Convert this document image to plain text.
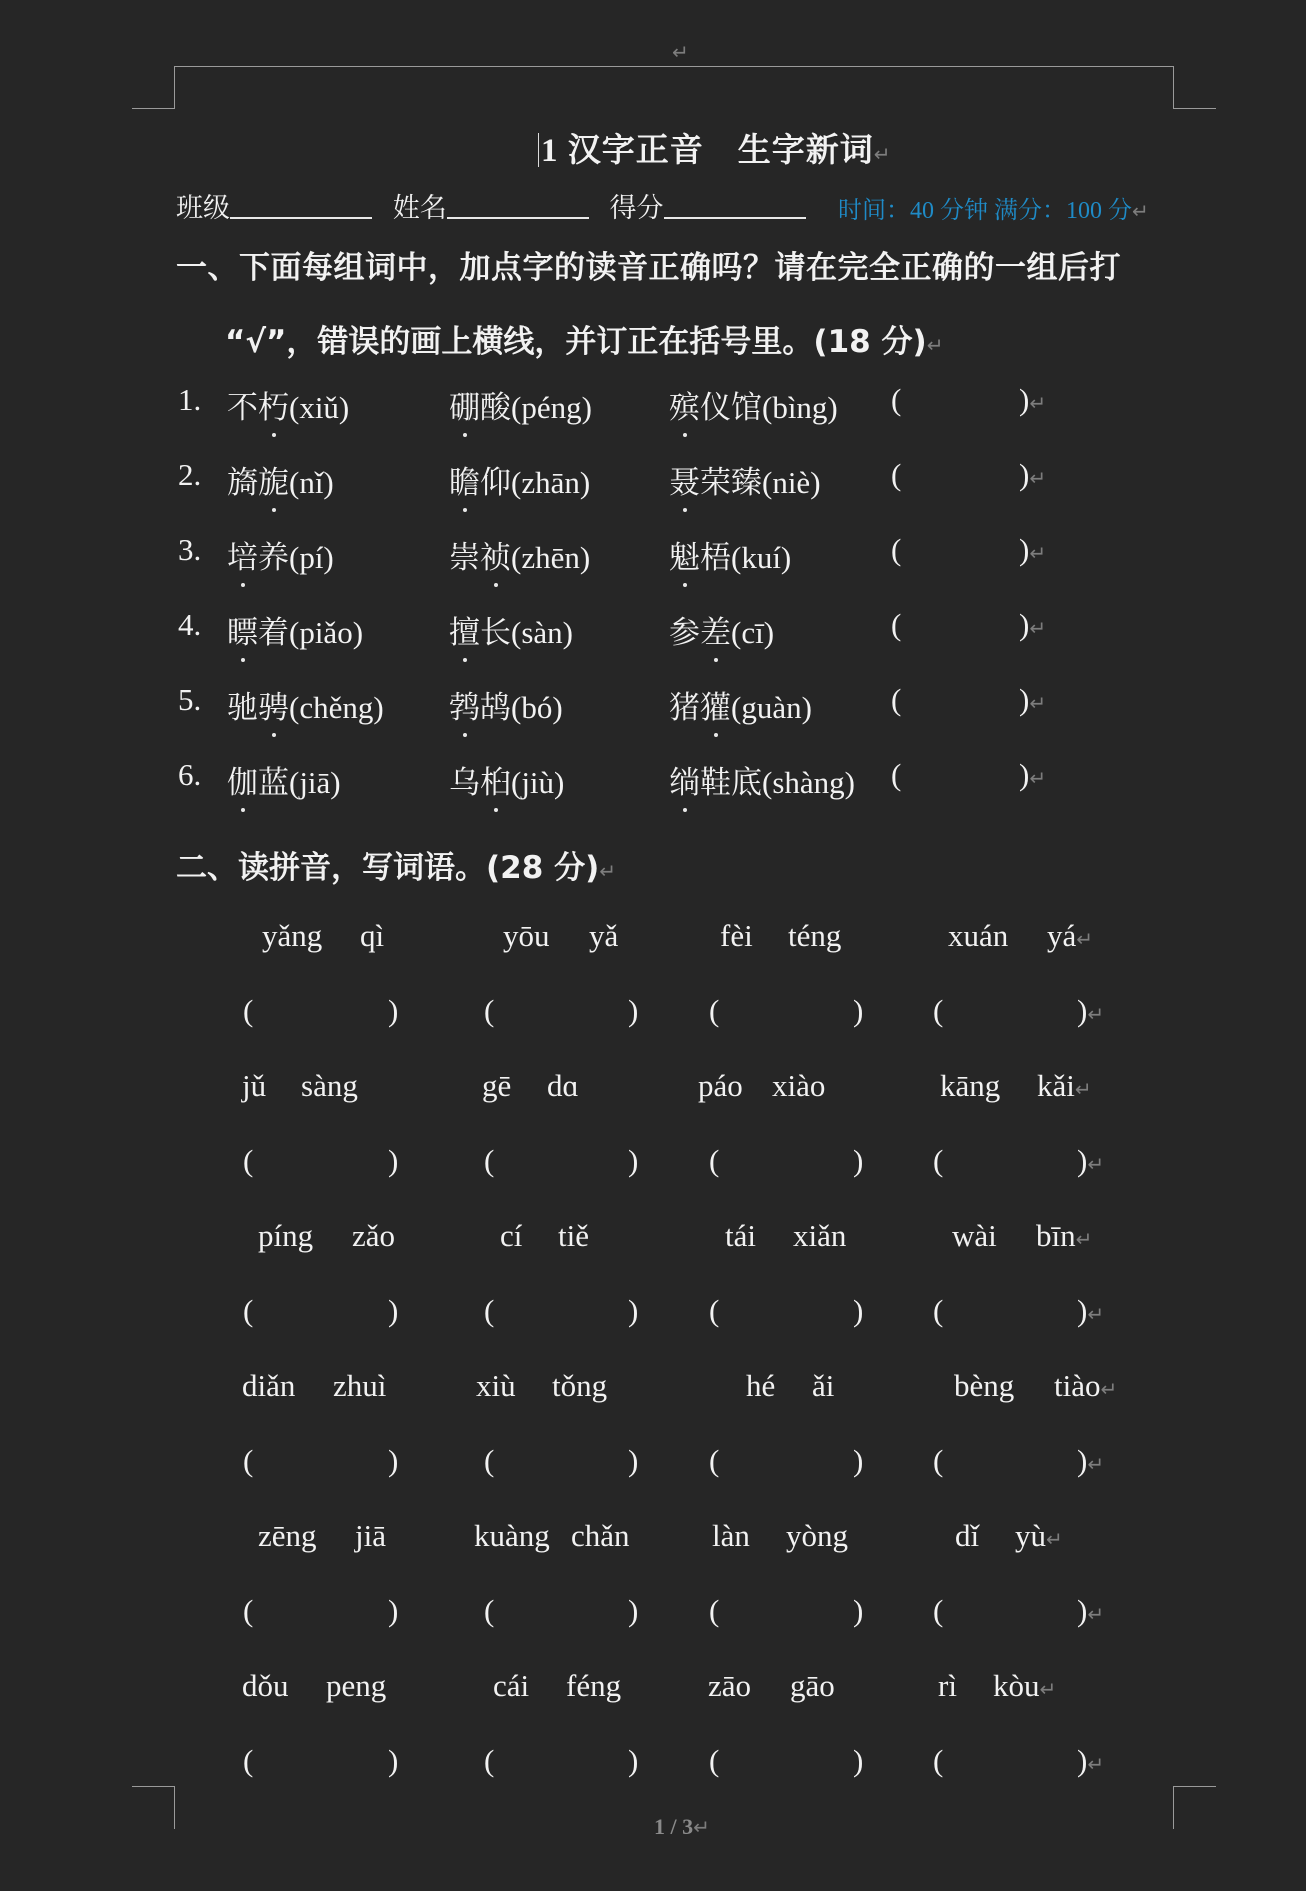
↵
1 汉字正音　生字新词↵
班级	姓名	得分	时间：40 分钟 满分：100 分↵
一、下面每组词中，加点字的读音正确吗？请在完全正确的一组后打
“√”，错误的画上横线，并订正在括号里。(18 分)↵
1. 不朽(xiǔ)	硼酸(péng) 殡仪馆(bìng) (	)↵
2. 旖旎(nǐ)	瞻仰(zhān)	聂荣臻(niè) (	)↵
3. 培养(pí)	崇祯(zhēn)	魁梧(kuí)	(	)↵
4. 瞟着(piǎo)	擅长(sàn)	参差(cī)	(	)↵
5. 驰骋(chěng) 鹁鸪(bó)	猪獾(guàn)	(	)↵
6. 伽蓝(jiā)	乌桕(jiù)	绱鞋底(shàng) (	)↵
二、读拼音，写词语。(28 分)↵
yǎng qì
(	)
yōu yǎ
(	)
fèi téng
(	)
xuán yá↵
(	)↵
jǔ sàng
(	)
gē dɑ
(	)
páo xiào
(	)
kāng kǎi↵
(	)↵
píng zǎo
(	)
cí tiě
(	)
tái xiǎn
(	)
wài bīn↵
(	)↵
diǎn zhuì
(	)
xiù tǒng
(	)
hé ǎi
(	)
bèng tiào↵
(	)↵
zēng jiā
(	)
kuàng chǎn
(	)
làn yòng
(	)
dǐ yù↵
(	)↵
dǒu peng
(	)
cái féng
(	)
zāo gāo
(	)
rì kòu↵
(	)↵
1 / 3↵
